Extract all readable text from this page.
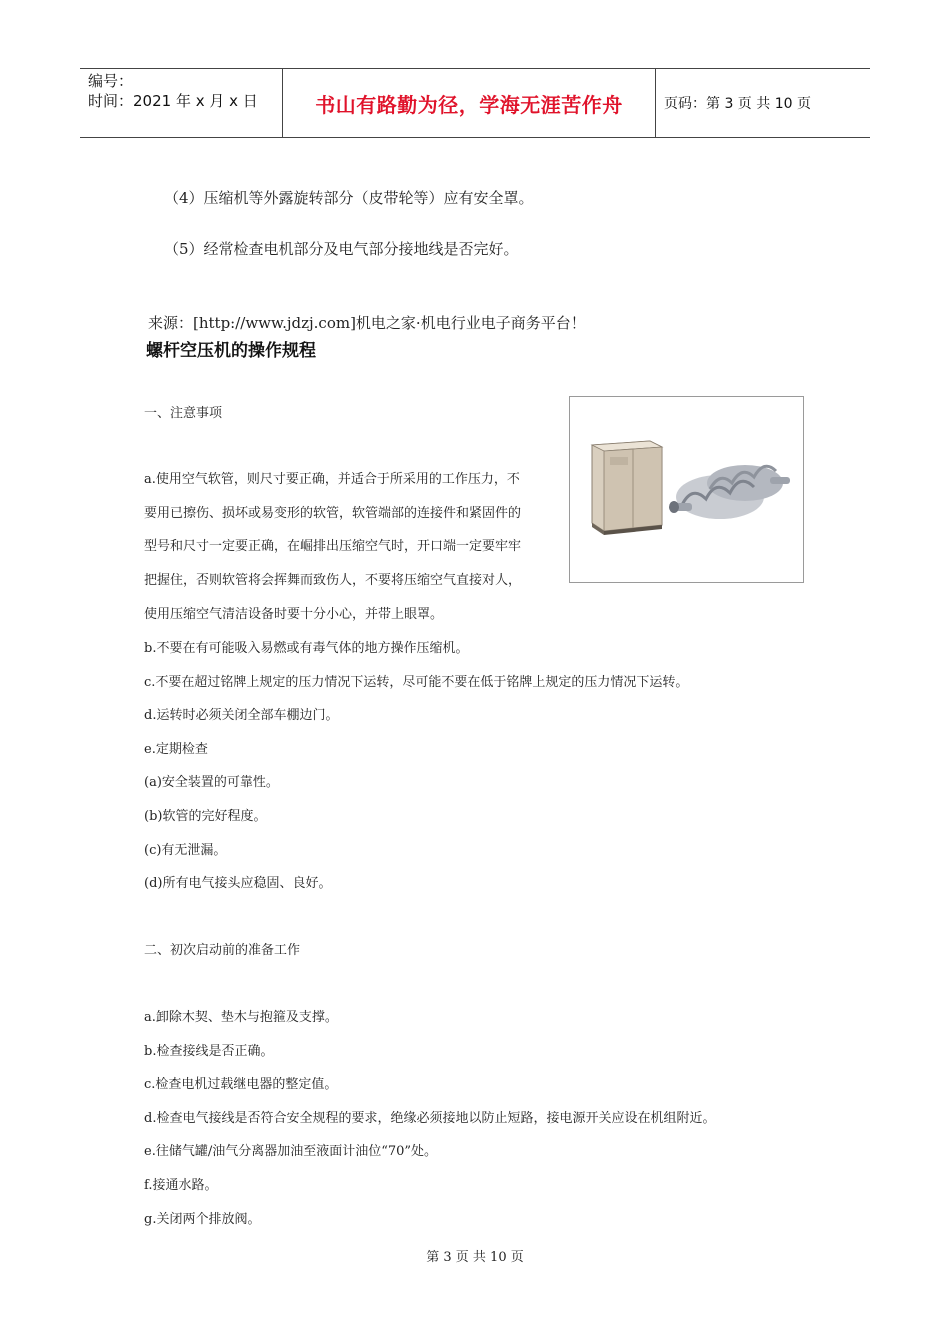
编号：
时间：2021 年 x 月 x 日	书山有路勤为径，学海无涯苦作舟	页码：第 3 页 共 10 页
（4）压缩机等外露旋转部分（皮带轮等）应有安全罩。
（5）经常检查电机部分及电气部分接地线是否完好。
来源：[http://www.jdzj.com]机电之家·机电行业电子商务平台！
螺杆空压机的操作规程
一、注意事项
a.使用空气软管，则尺寸要正确，并适合于所采用的工作压力，不
要用已擦伤、损坏或易变形的软管，软管端部的连接件和紧固件的
型号和尺寸一定要正确，在崛排出压缩空气时，开口端一定要牢牢
把握住，否则软管将会挥舞而致伤人，不要将压缩空气直接对人，
使用压缩空气清洁设备时要十分小心，并带上眼罩。
b.不要在有可能吸入易燃或有毒气体的地方操作压缩机。
c.不要在超过铭牌上规定的压力情况下运转，尽可能不要在低于铭牌上规定的压力情况下运转。
d.运转时必须关闭全部车棚边门。
e.定期检查
(a)安全装置的可靠性。
(b)软管的完好程度。
(c)有无泄漏。
(d)所有电气接头应稳固、良好。
二、初次启动前的准备工作
a.卸除木契、垫木与抱箍及支撑。
b.检查接线是否正确。
c.检查电机过载继电器的整定值。
d.检查电气接线是否符合安全规程的要求，绝缘必须接地以防止短路，接电源开关应设在机组附近。
e.往储气罐/油气分离器加油至液面计油位“70”处。
f.接通水路。
g.关闭两个排放阀。
第 3 页 共 10 页
